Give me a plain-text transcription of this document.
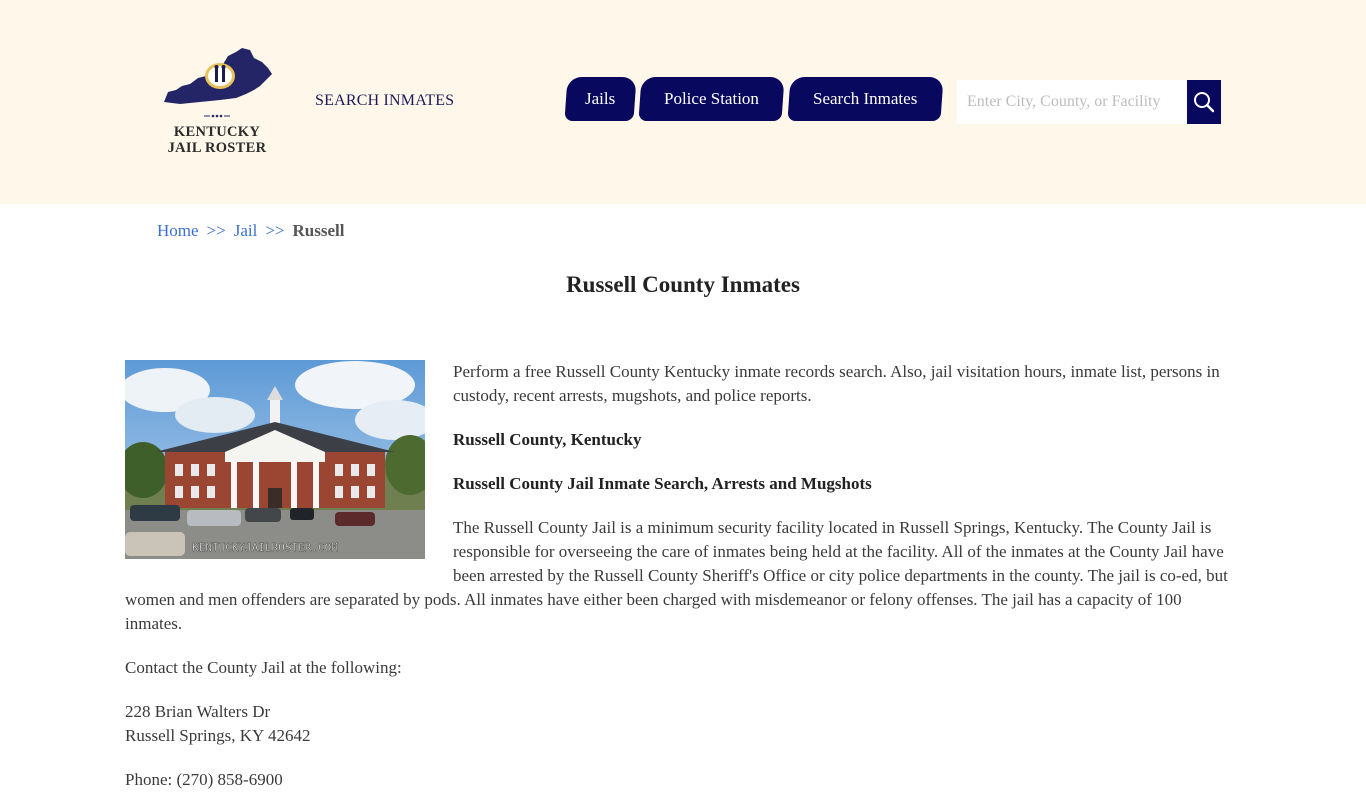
KENTUCKY
JAIL ROSTER
SEARCH INMATES	Jails	Police Station	Search Inmates
Enter City, County, or Facility
Home >> Jail >> Russell
Russell County Inmates
KENTUCKYJAILROSTER.COM

Perform a free Russell County Kentucky inmate records search. Also, jail visitation hours, inmate list, persons in custody, recent arrests, mugshots, and police reports.

Russell County, Kentucky

Russell County Jail Inmate Search, Arrests and Mugshots

The Russell County Jail is a minimum security facility located in Russell Springs, Kentucky. The County Jail is responsible for overseeing the care of inmates being held at the facility. All of the inmates at the County Jail have been arrested by the Russell County Sheriff's Office or city police departments in the county. The jail is co-ed, but women and men offenders are separated by pods. All inmates have either been charged with misdemeanor or felony offenses. The jail has a capacity of 100 inmates.

Contact the County Jail at the following:

228 Brian Walters Dr
Russell Springs, KY 42642

Phone: (270) 858-6900
